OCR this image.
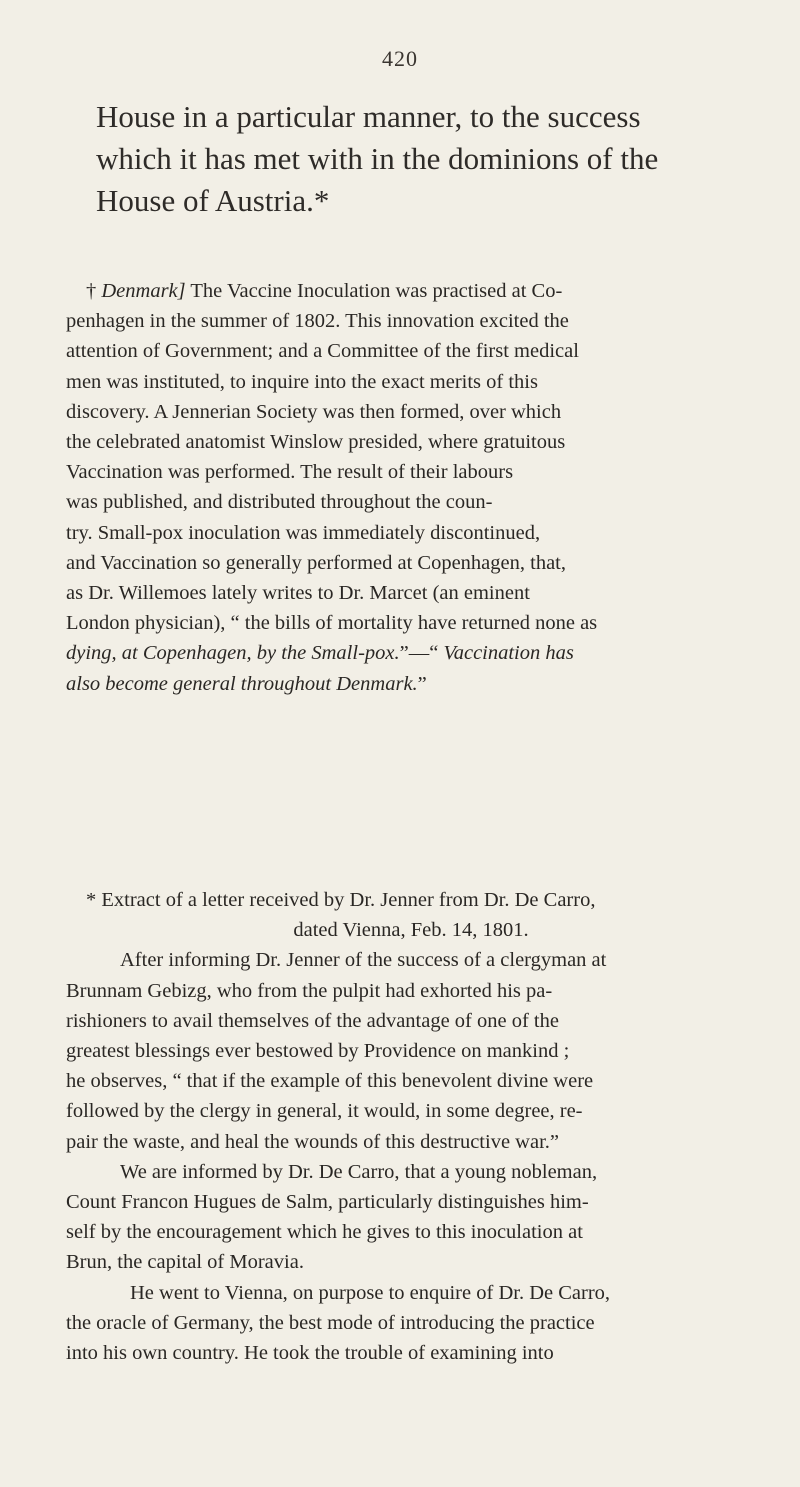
420

House in a particular manner, to the success
which it has met with in the dominions of the
House of Austria.*

† Denmark] The Vaccine Inoculation was practised at Co-
penhagen in the summer of 1802. This innovation excited the
attention of Government; and a Committee of the first medical
men was instituted, to inquire into the exact merits of this
discovery. A Jennerian Society was then formed, over which
the celebrated anatomist Winslow presided, where gratuitous
Vaccination was performed. The result of their labours
was published, and distributed throughout the coun-
try. Small-pox inoculation was immediately discontinued,
and Vaccination so generally performed at Copenhagen, that,
as Dr. Willemoes lately writes to Dr. Marcet (an eminent
London physician), “ the bills of mortality have returned none as
dying, at Copenhagen, by the Small-pox.”—“ Vaccination has
also become general throughout Denmark.”

* Extract of a letter received by Dr. Jenner from Dr. De Carro,
dated Vienna, Feb. 14, 1801.

After informing Dr. Jenner of the success of a clergyman at
Brunnam Gebizg, who from the pulpit had exhorted his pa-
rishioners to avail themselves of the advantage of one of the
greatest blessings ever bestowed by Providence on mankind ;
he observes, “ that if the example of this benevolent divine were
followed by the clergy in general, it would, in some degree, re-
pair the waste, and heal the wounds of this destructive war.”

We are informed by Dr. De Carro, that a young nobleman,
Count Francon Hugues de Salm, particularly distinguishes him-
self by the encouragement which he gives to this inoculation at
Brun, the capital of Moravia.

He went to Vienna, on purpose to enquire of Dr. De Carro,
the oracle of Germany, the best mode of introducing the practice
into his own country. He took the trouble of examining into
